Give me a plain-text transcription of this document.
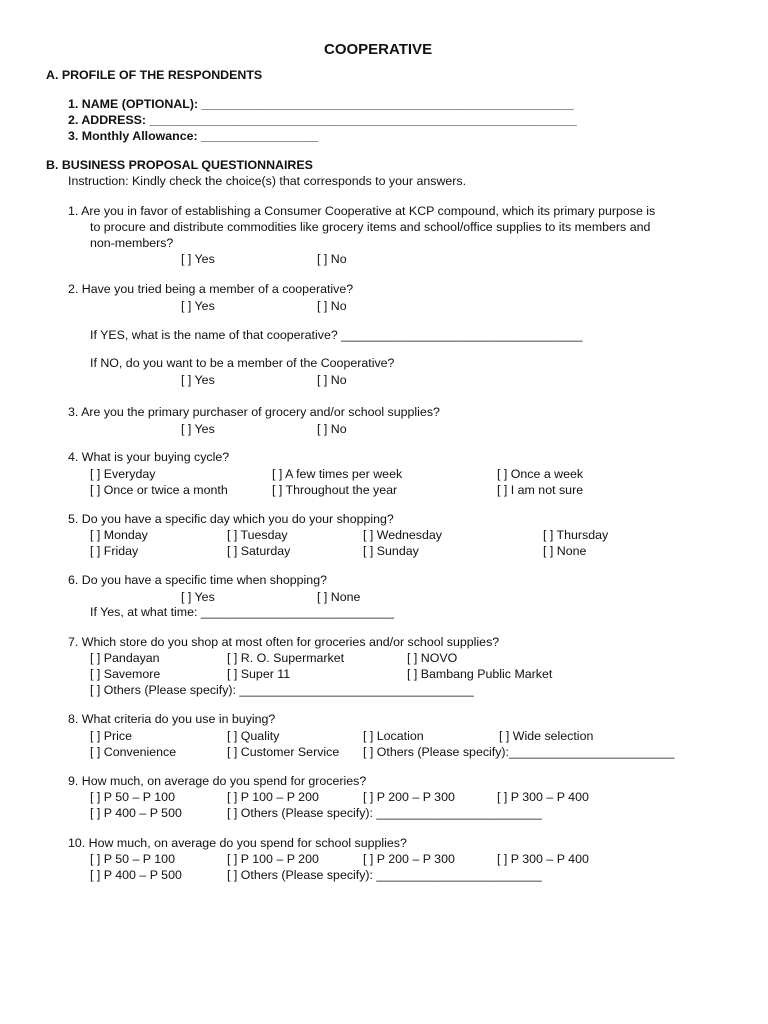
COOPERATIVE
A. PROFILE OF THE RESPONDENTS
1. NAME (OPTIONAL): ______________________________________________________
2. ADDRESS: ______________________________________________________________
3. Monthly Allowance: _________________
B. BUSINESS PROPOSAL QUESTIONNAIRES
Instruction: Kindly check the choice(s) that corresponds to your answers.
1. Are you in favor of establishing a Consumer Cooperative at KCP compound, which its primary purpose is
to procure and distribute commodities like grocery items and school/office supplies to its members and
non-members?
[ ] Yes	[ ] No
2. Have you tried being a member of a cooperative?
[ ] Yes	[ ] No
If YES, what is the name of that cooperative? ___________________________________
If NO, do you want to be a member of the Cooperative?
[ ] Yes	[ ] No
3. Are you the primary purchaser of grocery and/or school supplies?
[ ] Yes	[ ] No
4. What is your buying cycle?
[ ] Everyday	[ ] A few times per week	[ ] Once a week
[ ] Once or twice a month	[ ] Throughout the year	[ ] I am not sure
5. Do you have a specific day which you do your shopping?
[ ] Monday	[ ] Tuesday	[ ] Wednesday	[ ] Thursday
[ ] Friday	[ ] Saturday	[ ] Sunday	[ ] None
6. Do you have a specific time when shopping?
[ ] Yes	[ ] None
If Yes, at what time: ____________________________
7. Which store do you shop at most often for groceries and/or school supplies?
[ ] Pandayan	[ ] R. O. Supermarket	[ ] NOVO
[ ] Savemore	[ ] Super 11	[ ] Bambang Public Market
[ ] Others (Please specify): __________________________________
8. What criteria do you use in buying?
[ ] Price	[ ] Quality	[ ] Location	[ ] Wide selection
[ ] Convenience	[ ] Customer Service [ ] Others (Please specify):________________________
9. How much, on average do you spend for groceries?
[ ] P 50 – P 100	[ ] P 100 – P 200	[ ] P 200 – P 300	[ ] P 300 – P 400
[ ] P 400 – P 500	[ ] Others (Please specify): ________________________
10. How much, on average do you spend for school supplies?
[ ] P 50 – P 100	[ ] P 100 – P 200	[ ] P 200 – P 300	[ ] P 300 – P 400
[ ] P 400 – P 500	[ ] Others (Please specify): ________________________
